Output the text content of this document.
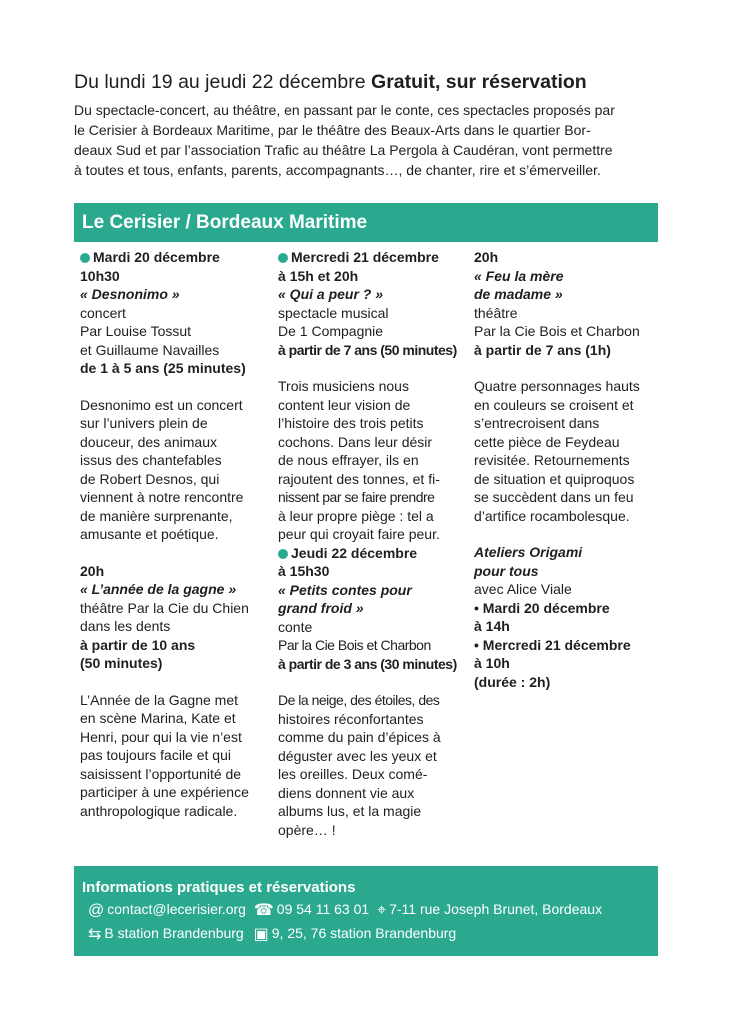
Du lundi 19 au jeudi 22 décembre Gratuit, sur réservation
Du spectacle-concert, au théâtre, en passant par le conte, ces spectacles proposés par
le Cerisier à Bordeaux Maritime, par le théâtre des Beaux-Arts dans le quartier Bor-
deaux Sud et par l’association Trafic au théâtre La Pergola à Caudéran, vont permettre
à toutes et tous, enfants, parents, accompagnants…, de chanter, rire et s’émerveiller.
Le Cerisier / Bordeaux Maritime
Mardi 20 décembre
10h30
« Desnonimo »
concert
Par Louise Tossut
et Guillaume Navailles
de 1 à 5 ans (25 minutes)
Desnonimo est un concert
sur l’univers plein de
douceur, des animaux
issus des chantefables
de Robert Desnos, qui
viennent à notre rencontre
de manière surprenante,
amusante et poétique.
20h
« L’année de la gagne »
théâtre Par la Cie du Chien
dans les dents
à partir de 10 ans
(50 minutes)
L’Année de la Gagne met
en scène Marina, Kate et
Henri, pour qui la vie n’est
pas toujours facile et qui
saisissent l’opportunité de
participer à une expérience
anthropologique radicale.
Mercredi 21 décembre
à 15h et 20h
« Qui a peur ? »
spectacle musical
De 1 Compagnie
à partir de 7 ans (50 minutes)
Trois musiciens nous
content leur vision de
l’histoire des trois petits
cochons. Dans leur désir
de nous effrayer, ils en
rajoutent des tonnes, et fi-
nissent par se faire prendre
à leur propre piège : tel a
peur qui croyait faire peur.
Jeudi 22 décembre
à 15h30
« Petits contes pour
grand froid »
conte
Par la Cie Bois et Charbon
à partir de 3 ans (30 minutes)
De la neige, des étoiles, des
histoires réconfortantes
comme du pain d’épices à
déguster avec les yeux et
les oreilles. Deux comé-
diens donnent vie aux
albums lus, et la magie
opère… !
20h
« Feu la mère
de madame »
théâtre
Par la Cie Bois et Charbon
à partir de 7 ans (1h)
Quatre personnages hauts
en couleurs se croisent et
s’entrecroisent dans
cette pièce de Feydeau
revisitée. Retournements
de situation et quiproquos
se succèdent dans un feu
d’artifice rocambolesque.
Ateliers Origami
pour tous
avec Alice Viale
• Mardi 20 décembre
à 14h
• Mercredi 21 décembre
à 10h
(durée : 2h)
Informations pratiques et réservations
@ contact@lecerisier.org ☎ 09 54 11 63 01 ⌖ 7-11 rue Joseph Brunet, Bordeaux
⇆ B station Brandenburg ▣ 9, 25, 76 station Brandenburg
